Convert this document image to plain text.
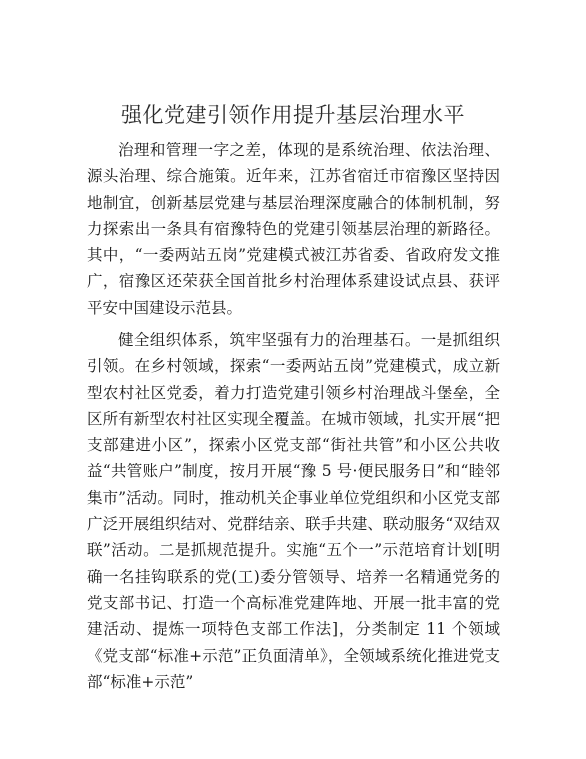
强化党建引领作用提升基层治理水平

治理和管理一字之差，体现的是系统治理、依法治理、源头治理、综合施策。近年来，江苏省宿迁市宿豫区坚持因地制宜，创新基层党建与基层治理深度融合的体制机制，努力探索出一条具有宿豫特色的党建引领基层治理的新路径。其中，“一委两站五岗”党建模式被江苏省委、省政府发文推广，宿豫区还荣获全国首批乡村治理体系建设试点县、获评平安中国建设示范县。

健全组织体系，筑牢坚强有力的治理基石。一是抓组织引领。在乡村领域，探索“一委两站五岗”党建模式，成立新型农村社区党委，着力打造党建引领乡村治理战斗堡垒，全区所有新型农村社区实现全覆盖。在城市领域，扎实开展“把支部建进小区”，探索小区党支部“街社共管”和小区公共收益“共管账户”制度，按月开展“豫 5 号·便民服务日”和“睦邻集市”活动。同时，推动机关企事业单位党组织和小区党支部广泛开展组织结对、党群结亲、联手共建、联动服务“双结双联”活动。二是抓规范提升。实施“五个一”示范培育计划[明确一名挂钩联系的党(工)委分管领导、培养一名精通党务的党支部书记、打造一个高标准党建阵地、开展一批丰富的党建活动、提炼一项特色支部工作法]，分类制定 11 个领域《党支部“标准+示范”正负面清单》，全领域系统化推进党支部“标准+示范”
